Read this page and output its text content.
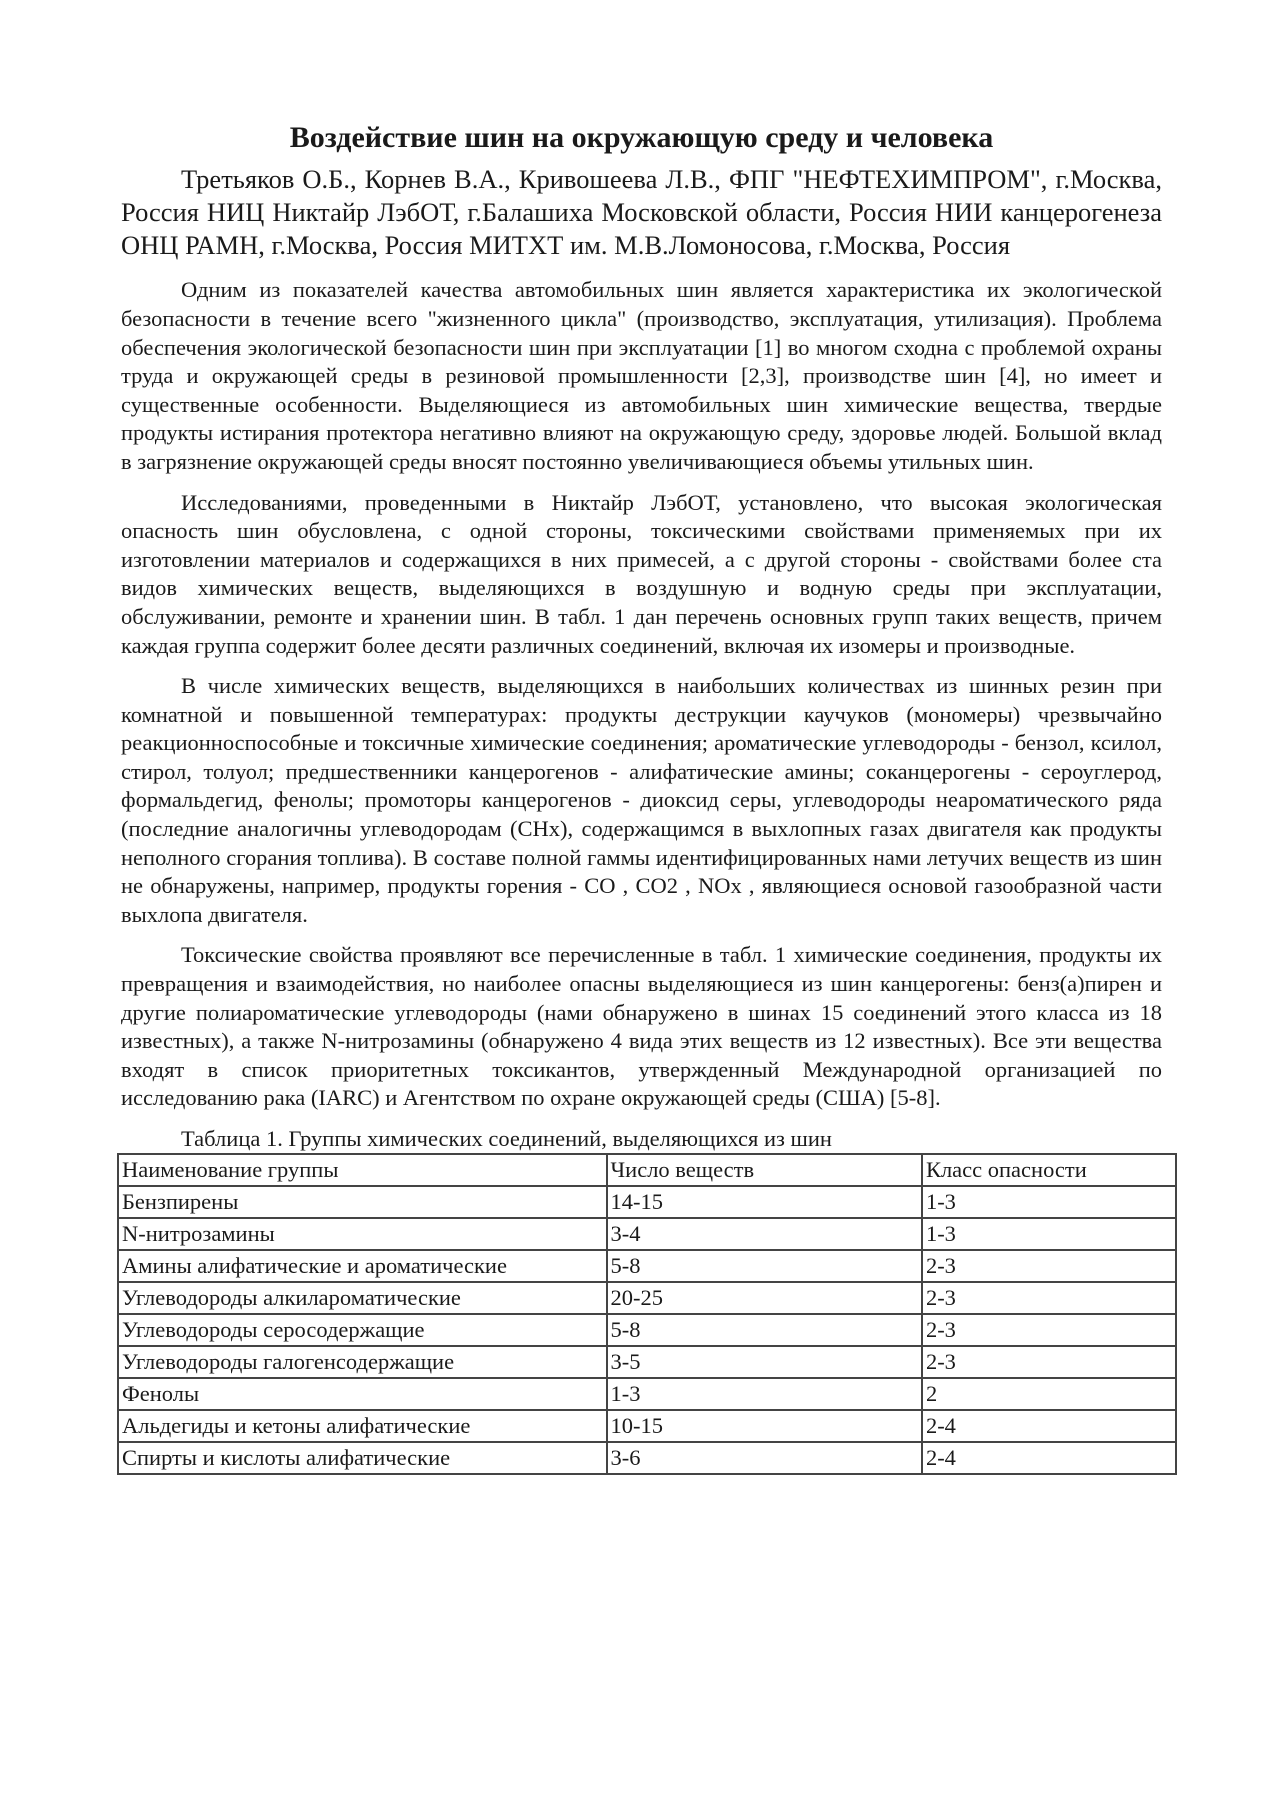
Воздействие шин на окружающую среду и человека

Третьяков О.Б., Корнев В.А., Кривошеева Л.В., ФПГ "НЕФТЕХИМПРОМ", г.Москва, Россия НИЦ Никтайр ЛэбОТ, г.Балашиха Московской области, Россия НИИ канцерогенеза ОНЦ РАМН, г.Москва, Россия МИТХТ им. М.В.Ломоносова, г.Москва, Россия

Одним из показателей качества автомобильных шин является характеристика их экологической безопасности в течение всего "жизненного цикла" (производство, эксплуатация, утилизация). Проблема обеспечения экологической безопасности шин при эксплуатации [1] во многом сходна с проблемой охраны труда и окружающей среды в резиновой промышленности [2,3], производстве шин [4], но имеет и существенные особенности. Выделяющиеся из автомобильных шин химические вещества, твердые продукты истирания протектора негативно влияют на окружающую среду, здоровье людей. Большой вклад в загрязнение окружающей среды вносят постоянно увеличивающиеся объемы утильных шин.

Исследованиями, проведенными в Никтайр ЛэбОТ, установлено, что высокая экологическая опасность шин обусловлена, с одной стороны, токсическими свойствами применяемых при их изготовлении материалов и содержащихся в них примесей, а с другой стороны - свойствами более ста видов химических веществ, выделяющихся в воздушную и водную среды при эксплуатации, обслуживании, ремонте и хранении шин. В табл. 1 дан перечень основных групп таких веществ, причем каждая группа содержит более десяти различных соединений, включая их изомеры и производные.

В числе химических веществ, выделяющихся в наибольших количествах из шинных резин при комнатной и повышенной температурах: продукты деструкции каучуков (мономеры) чрезвычайно реакционноспособные и токсичные химические соединения; ароматические углеводороды - бензол, ксилол, стирол, толуол; предшественники канцерогенов - алифатические амины; соканцерогены - сероуглерод, формальдегид, фенолы; промоторы канцерогенов - диоксид серы, углеводороды неароматического ряда (последние аналогичны углеводородам (CHx), содержащимся в выхлопных газах двигателя как продукты неполного сгорания топлива). В составе полной гаммы идентифицированных нами летучих веществ из шин не обнаружены, например, продукты горения - CO , CO2 , NOx , являющиеся основой газообразной части выхлопа двигателя.

Токсические свойства проявляют все перечисленные в табл. 1 химические соединения, продукты их превращения и взаимодействия, но наиболее опасны выделяющиеся из шин канцерогены: бенз(а)пирен и другие полиароматические углеводороды (нами обнаружено в шинах 15 соединений этого класса из 18 известных), а также N-нитрозамины (обнаружено 4 вида этих веществ из 12 известных). Все эти вещества входят в список приоритетных токсикантов, утвержденный Международной организацией по исследованию рака (IARC) и Агентством по охране окружающей среды (США) [5-8].

Таблица 1. Группы химических соединений, выделяющихся из шин

Наименование группы	Число веществ	Класс опасности
Бензпирены	14-15	1-3
N-нитрозамины	3-4	1-3
Амины алифатические и ароматические	5-8	2-3
Углеводороды алкилароматические	20-25	2-3
Углеводороды серосодержащие	5-8	2-3
Углеводороды галогенсодержащие	3-5	2-3
Фенолы	1-3	2
Альдегиды и кетоны алифатические	10-15	2-4
Спирты и кислоты алифатические	3-6	2-4
